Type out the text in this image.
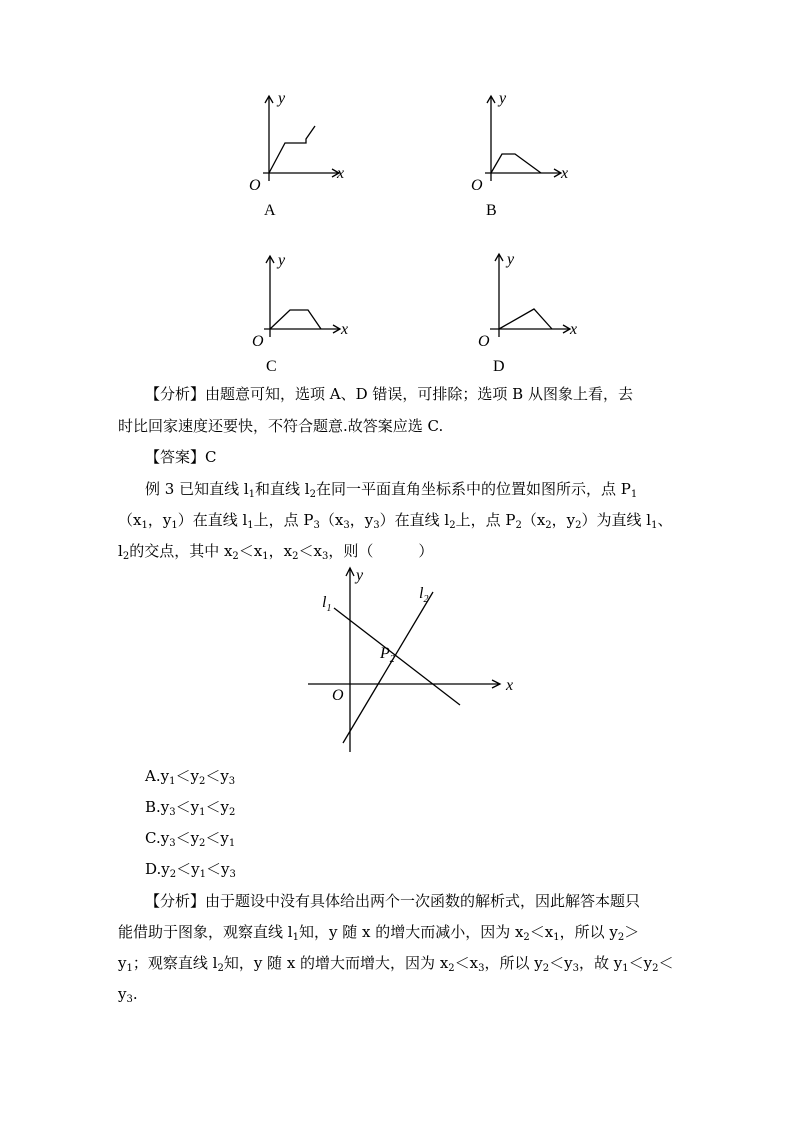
x
y
O
A
x
y
O
B
x
y
O
C
x
y
O
D
【分析】由题意可知，选项 A、D 错误，可排除；选项 B 从图象上看，去
时比回家速度还要快，不符合题意.故答案应选 C.
【答案】C
例 3 已知直线 $l_1$和直线 $l_2$在同一平面直角坐标系中的位置如图所示，点 $P_1$
（$x_1$，$y_1$）在直线 $l_1$上，点 $P_3(x_3$，$y_3$）在直线 $l_2$上，点 $P_2(x_2$，$y_2$）为直线 $l_1$、
$l_2$的交点，其中 $x_2<x_1$，$x_2<x_3$，则（　　　）
x
y
O
$l_1$
$l_2$
$P_2$
$A.y_1<y_2<y_3$
$B.y_3<y_1<y_2$
$C.y_3<y_2<y_1$
$D.y_2<y_1<y_3$
【分析】由于题设中没有具体给出两个一次函数的解析式，因此解答本题只
能借助于图象，观察直线 $l_1$知，y 随 x 的增大而减小，因为 $x_2<x_1$，所以 $y_2>$
$y_1$；观察直线 $l_2$知，y 随 x 的增大而增大，因为 $x_2<x_3$，所以 $y_2<y_3$，故 $y_1<y_2<$
$y_3$.
